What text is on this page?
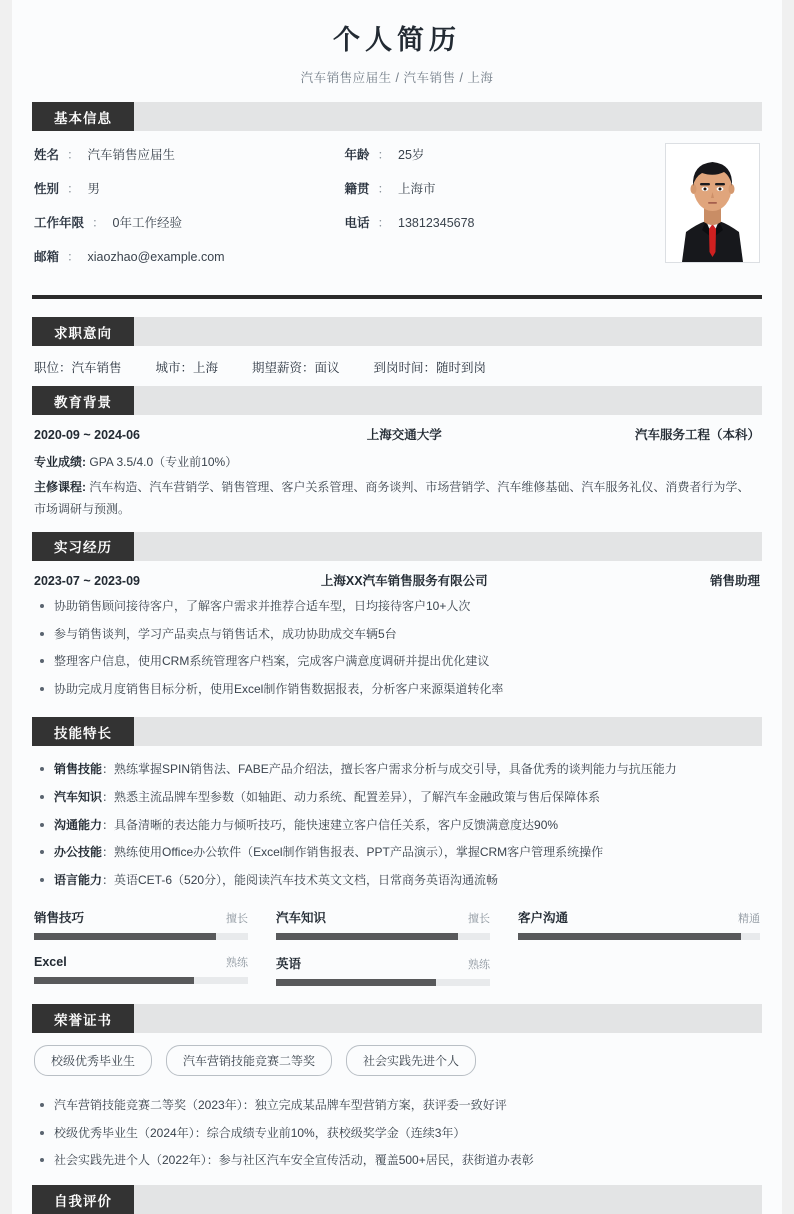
个人简历
汽车销售应届生 / 汽车销售 / 上海
基本信息
姓名 ： 汽车销售应届生	年龄 ： 25岁
性别 ： 男	籍贯 ： 上海市
工作年限 ： 0年工作经验	电话 ： 13812345678
邮箱 ： xiaozhao@example.com
求职意向
职位：汽车销售	城市：上海	期望薪资：面议	到岗时间：随时到岗
教育背景
2020-09 ~ 2024-06	上海交通大学	汽车服务工程（本科）
专业成绩: GPA 3.5/4.0（专业前10%）
主修课程: 汽车构造、汽车营销学、销售管理、客户关系管理、商务谈判、市场营销学、汽车维修基础、汽车服务礼仪、消费者行为学、市场调研与预测。
实习经历
2023-07 ~ 2023-09	上海XX汽车销售服务有限公司	销售助理
协助销售顾问接待客户，了解客户需求并推荐合适车型，日均接待客户10+人次
参与销售谈判，学习产品卖点与销售话术，成功协助成交车辆5台
整理客户信息，使用CRM系统管理客户档案，完成客户满意度调研并提出优化建议
协助完成月度销售目标分析，使用Excel制作销售数据报表，分析客户来源渠道转化率
技能特长
销售技能：熟练掌握SPIN销售法、FABE产品介绍法，擅长客户需求分析与成交引导，具备优秀的谈判能力与抗压能力
汽车知识：熟悉主流品牌车型参数（如轴距、动力系统、配置差异），了解汽车金融政策与售后保障体系
沟通能力：具备清晰的表达能力与倾听技巧，能快速建立客户信任关系，客户反馈满意度达90%
办公技能：熟练使用Office办公软件（Excel制作销售报表、PPT产品演示），掌握CRM客户管理系统操作
语言能力：英语CET-6（520分），能阅读汽车技术英文文档，日常商务英语沟通流畅
销售技巧	擅长 汽车知识	擅长 客户沟通	精通
Excel	熟练 英语	熟练
荣誉证书
校级优秀毕业生	汽车营销技能竞赛二等奖	社会实践先进个人
汽车营销技能竞赛二等奖（2023年）：独立完成某品牌车型营销方案，获评委一致好评
校级优秀毕业生（2024年）：综合成绩专业前10%，获校级奖学金（连续3年）
社会实践先进个人（2022年）：参与社区汽车安全宣传活动，覆盖500+居民，获街道办表彰
自我评价
